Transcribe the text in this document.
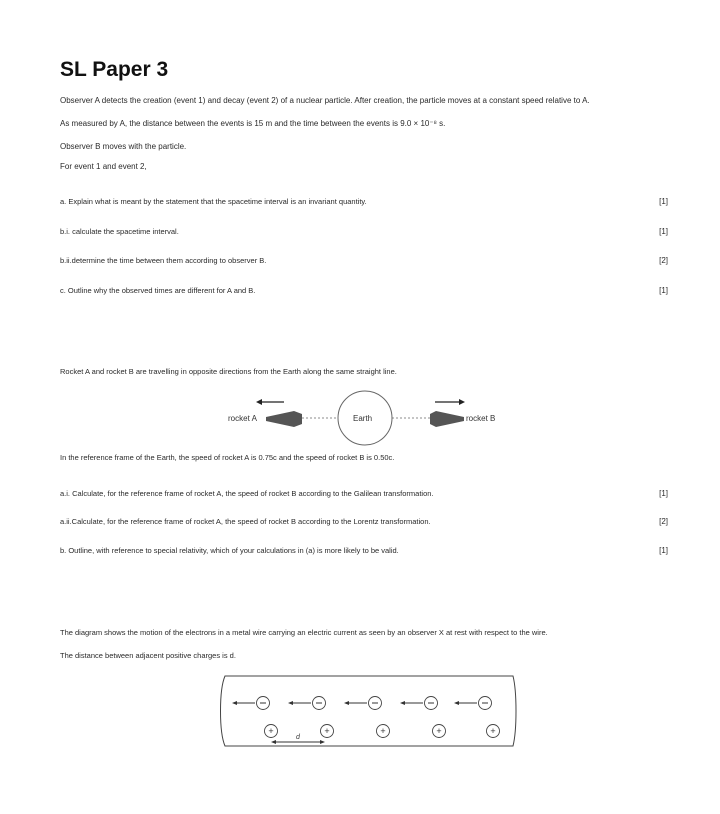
SL Paper 3
Observer A detects the creation (event 1) and decay (event 2) of a nuclear particle. After creation, the particle moves at a constant speed relative to A.
As measured by A, the distance between the events is 15 m and the time between the events is 9.0 × 10⁻⁸ s.
Observer B moves with the particle.
For event 1 and event 2,
a. Explain what is meant by the statement that the spacetime interval is an invariant quantity.	[1]
b.i. calculate the spacetime interval.	[1]
b.ii.determine the time between them according to observer B.	[2]
c. Outline why the observed times are different for A and B.	[1]
Rocket A and rocket B are travelling in opposite directions from the Earth along the same straight line.
rocket A	Earth	rocket B
In the reference frame of the Earth, the speed of rocket A is 0.75c and the speed of rocket B is 0.50c.
a.i. Calculate, for the reference frame of rocket A, the speed of rocket B according to the Galilean transformation.	[1]
a.ii.Calculate, for the reference frame of rocket A, the speed of rocket B according to the Lorentz transformation.	[2]
b. Outline, with reference to special relativity, which of your calculations in (a) is more likely to be valid.	[1]
The diagram shows the motion of the electrons in a metal wire carrying an electric current as seen by an observer X at rest with respect to the wire.
The distance between adjacent positive charges is d.
+	+	+	+	+
d
